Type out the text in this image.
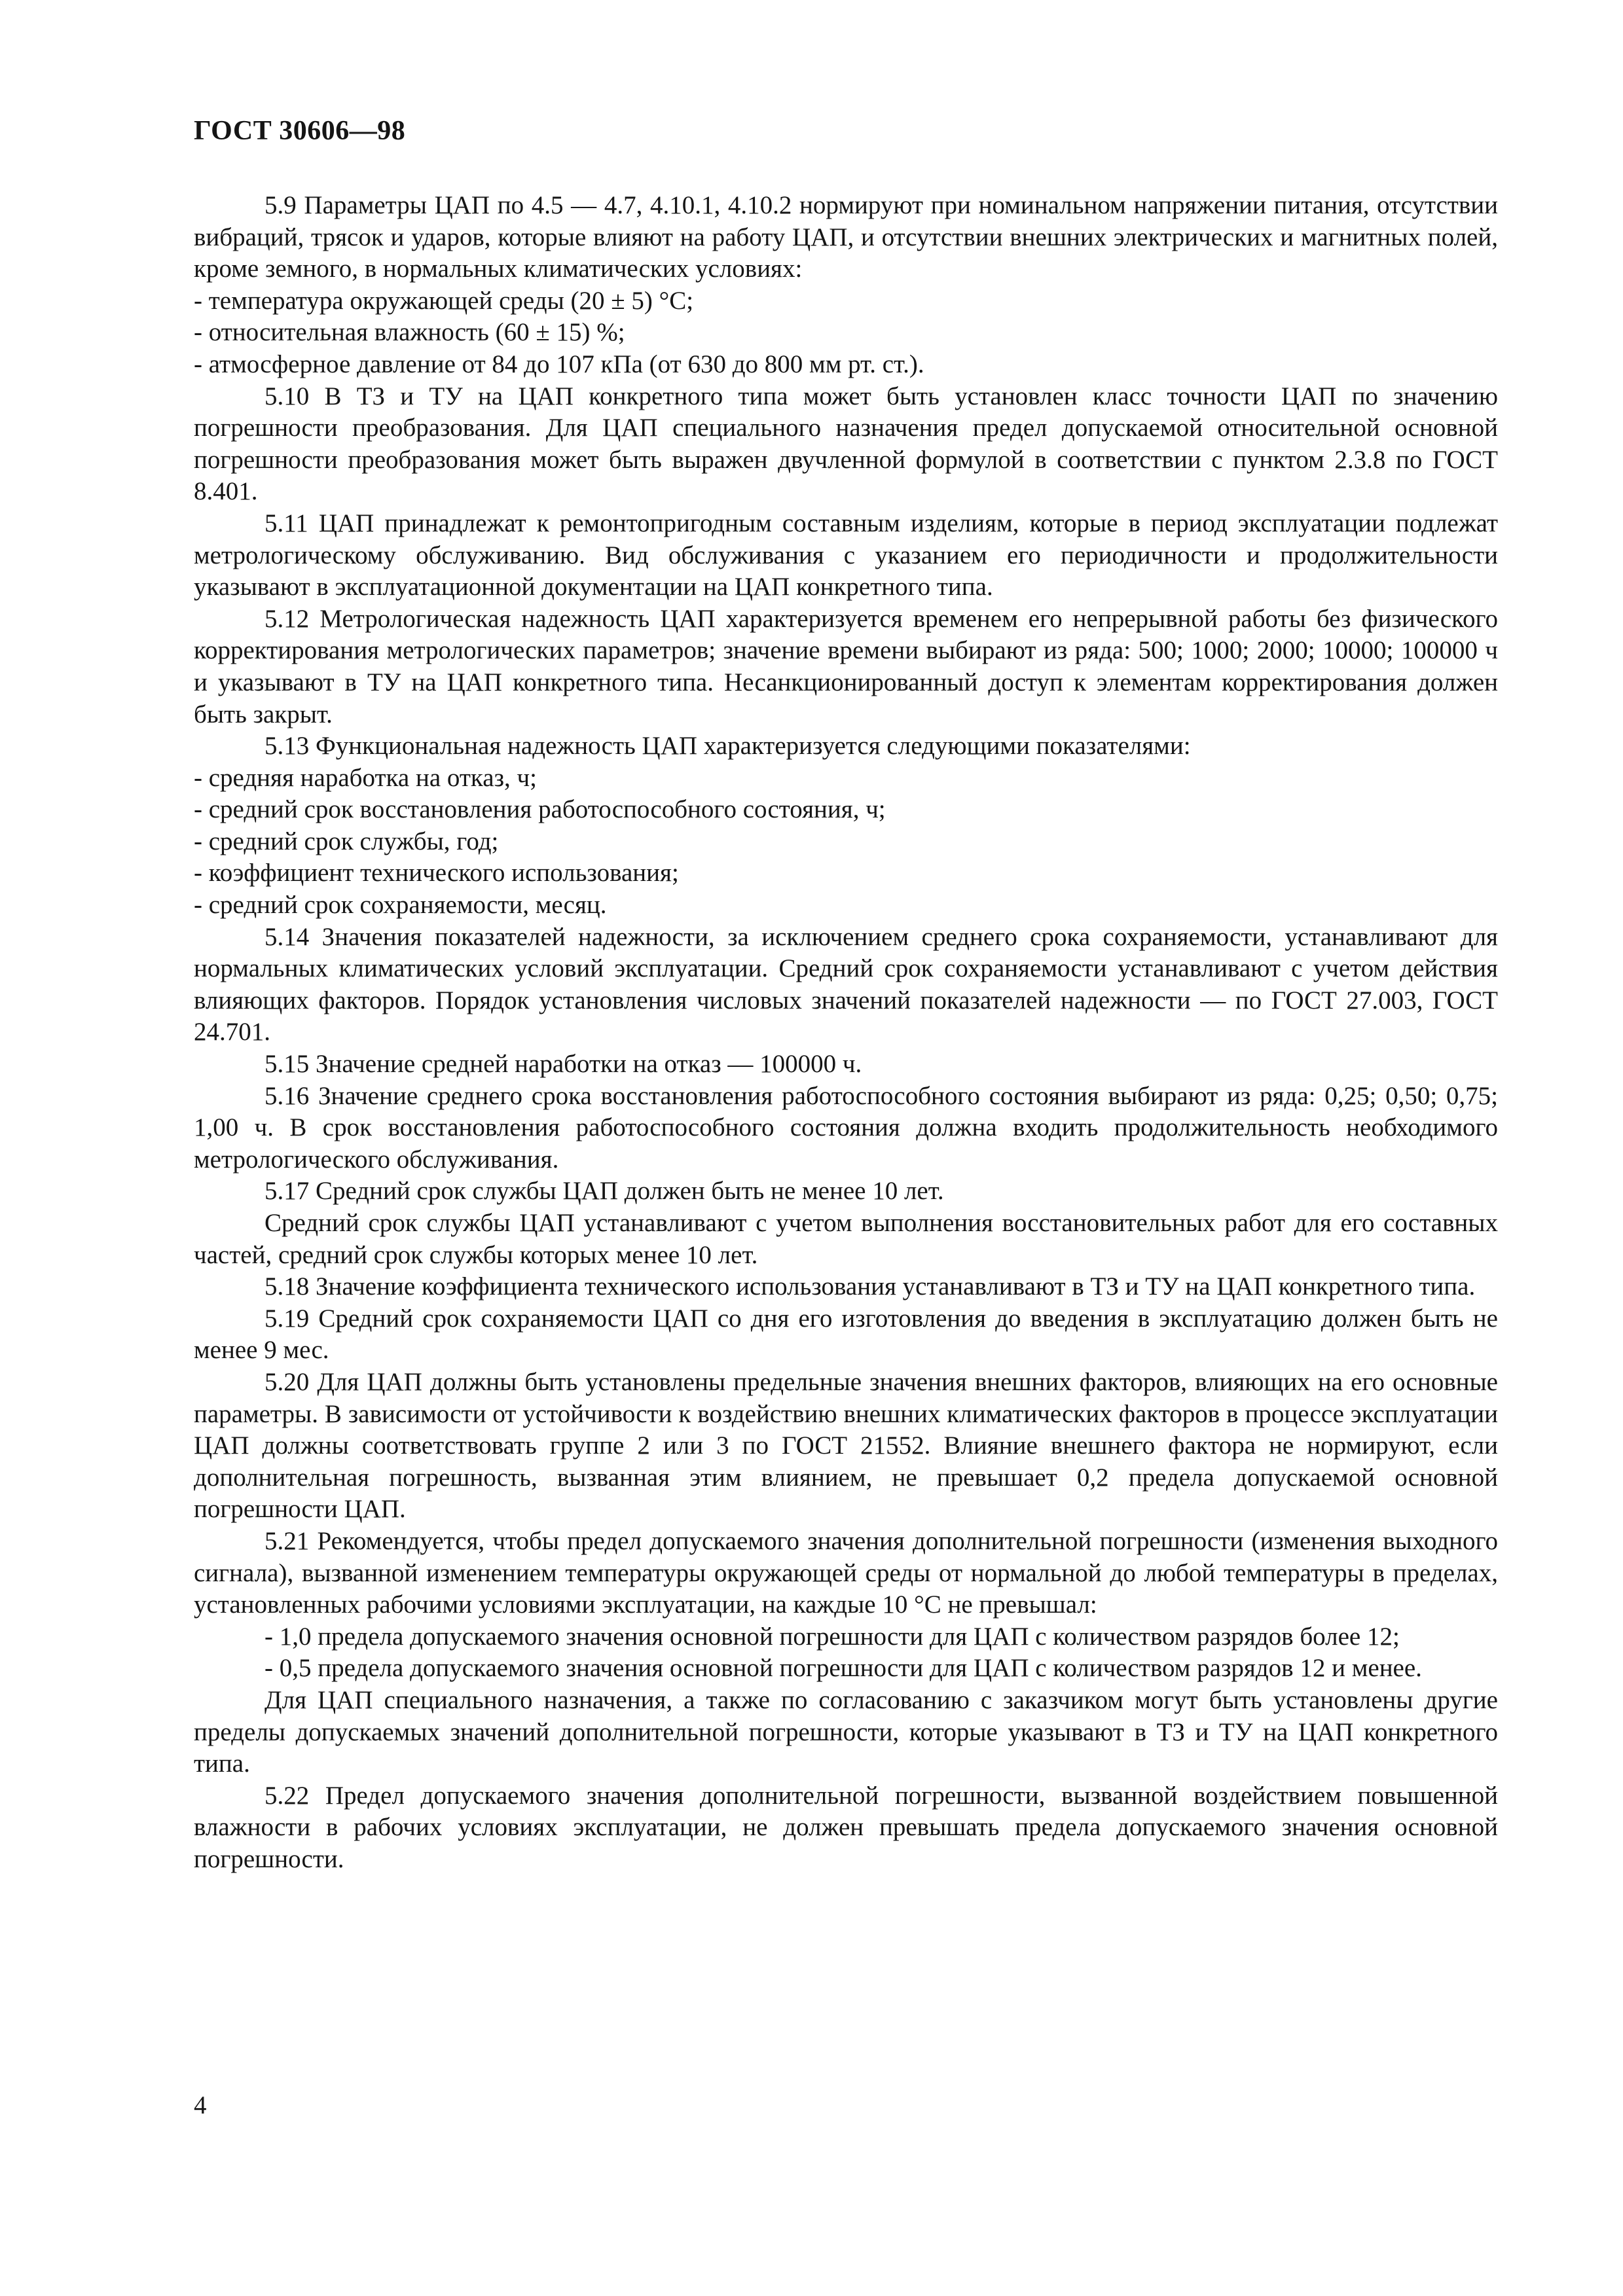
ГОСТ 30606—98

5.9 Параметры ЦАП по 4.5 — 4.7, 4.10.1, 4.10.2 нормируют при номинальном напряжении питания, отсутствии вибраций, трясок и ударов, которые влияют на работу ЦАП, и отсутствии внешних электрических и магнитных полей, кроме земного, в нормальных климатических условиях:

- температура окружающей среды (20 ± 5) °С;

- относительная влажность (60 ± 15) %;

- атмосферное давление от 84 до 107 кПа (от 630 до 800 мм рт. ст.).

5.10 В ТЗ и ТУ на ЦАП конкретного типа может быть установлен класс точности ЦАП по значению погрешности преобразования. Для ЦАП специального назначения предел допускаемой относительной основной погрешности преобразования может быть выражен двучленной формулой в соответствии с пунктом 2.3.8 по ГОСТ 8.401.

5.11 ЦАП принадлежат к ремонтопригодным составным изделиям, которые в период эксплуатации подлежат метрологическому обслуживанию. Вид обслуживания с указанием его периодичности и продолжительности указывают в эксплуатационной документации на ЦАП конкретного типа.

5.12 Метрологическая надежность ЦАП характеризуется временем его непрерывной работы без физического корректирования метрологических параметров; значение времени выбирают из ряда: 500; 1000; 2000; 10000; 100000 ч и указывают в ТУ на ЦАП конкретного типа. Несанкционированный доступ к элементам корректирования должен быть закрыт.

5.13 Функциональная надежность ЦАП характеризуется следующими показателями:

- средняя наработка на отказ, ч;

- средний срок восстановления работоспособного состояния, ч;

- средний срок службы, год;

- коэффициент технического использования;

- средний срок сохраняемости, месяц.

5.14 Значения показателей надежности, за исключением среднего срока сохраняемости, устанавливают для нормальных климатических условий эксплуатации. Средний срок сохраняемости устанавливают с учетом действия влияющих факторов. Порядок установления числовых значений показателей надежности — по ГОСТ 27.003, ГОСТ 24.701.

5.15 Значение средней наработки на отказ — 100000 ч.

5.16 Значение среднего срока восстановления работоспособного состояния выбирают из ряда: 0,25; 0,50; 0,75; 1,00 ч. В срок восстановления работоспособного состояния должна входить продолжительность необходимого метрологического обслуживания.

5.17 Средний срок службы ЦАП должен быть не менее 10 лет.

Средний срок службы ЦАП устанавливают с учетом выполнения восстановительных работ для его составных частей, средний срок службы которых менее 10 лет.

5.18 Значение коэффициента технического использования устанавливают в ТЗ и ТУ на ЦАП конкретного типа.

5.19 Средний срок сохраняемости ЦАП со дня его изготовления до введения в эксплуатацию должен быть не менее 9 мес.

5.20 Для ЦАП должны быть установлены предельные значения внешних факторов, влияющих на его основные параметры. В зависимости от устойчивости к воздействию внешних климатических факторов в процессе эксплуатации ЦАП должны соответствовать группе 2 или 3 по ГОСТ 21552. Влияние внешнего фактора не нормируют, если дополнительная погрешность, вызванная этим влиянием, не превышает 0,2 предела допускаемой основной погрешности ЦАП.

5.21 Рекомендуется, чтобы предел допускаемого значения дополнительной погрешности (изменения выходного сигнала), вызванной изменением температуры окружающей среды от нормальной до любой температуры в пределах, установленных рабочими условиями эксплуатации, на каждые 10 °С не превышал:

- 1,0 предела допускаемого значения основной погрешности для ЦАП с количеством разрядов более 12;

- 0,5 предела допускаемого значения основной погрешности для ЦАП с количеством разрядов 12 и менее.

Для ЦАП специального назначения, а также по согласованию с заказчиком могут быть установлены другие пределы допускаемых значений дополнительной погрешности, которые указывают в ТЗ и ТУ на ЦАП конкретного типа.

5.22 Предел допускаемого значения дополнительной погрешности, вызванной воздействием повышенной влажности в рабочих условиях эксплуатации, не должен превышать предела допускаемого значения основной погрешности.

4
